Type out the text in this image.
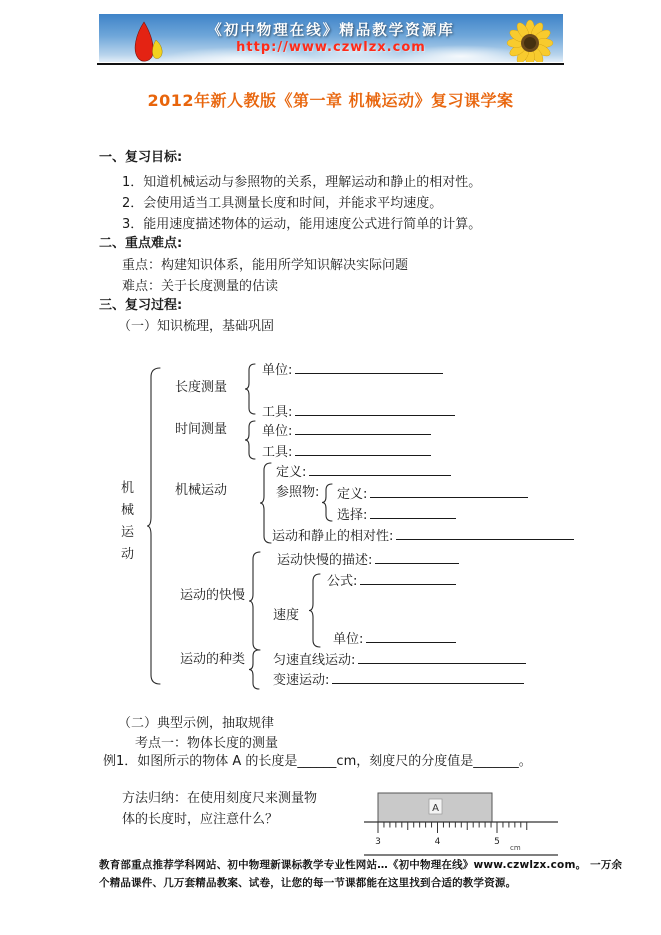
《初中物理在线》精品教学资源库
http://www.czwlzx.com
2012年新人教版《第一章 机械运动》复习课学案
一、复习目标:
1．知道机械运动与参照物的关系，理解运动和静止的相对性。
2．会使用适当工具测量长度和时间，并能求平均速度。
3．能用速度描述物体的运动，能用速度公式进行简单的计算。
二、重点难点:
重点：构建知识体系，能用所学知识解决实际问题
难点：关于长度测量的估读
三、复习过程:
（一）知识梳理，基础巩固
机
械
运
动
长度测量
时间测量
机械运动
运动的快慢
运动的种类
单位:
工具:
单位:
工具:
定义:
参照物: 定义:
选择:
运动和静止的相对性:
运动快慢的描述:
公式:
速度
单位:
匀速直线运动:
变速运动:
（二）典型示例，抽取规律
考点一：物体长度的测量
例1．如图所示的物体 A 的长度是______cm，刻度尺的分度值是_______。
方法归纳：在使用刻度尺来测量物
体的长度时，应注意什么？
A
3	4	5
cm
教育部重点推荐学科网站、初中物理新课标教学专业性网站…《初中物理在线》www.czwlzx.com。 一万余
个精品课件、几万套精品教案、试卷，让您的每一节课都能在这里找到合适的教学资源。
